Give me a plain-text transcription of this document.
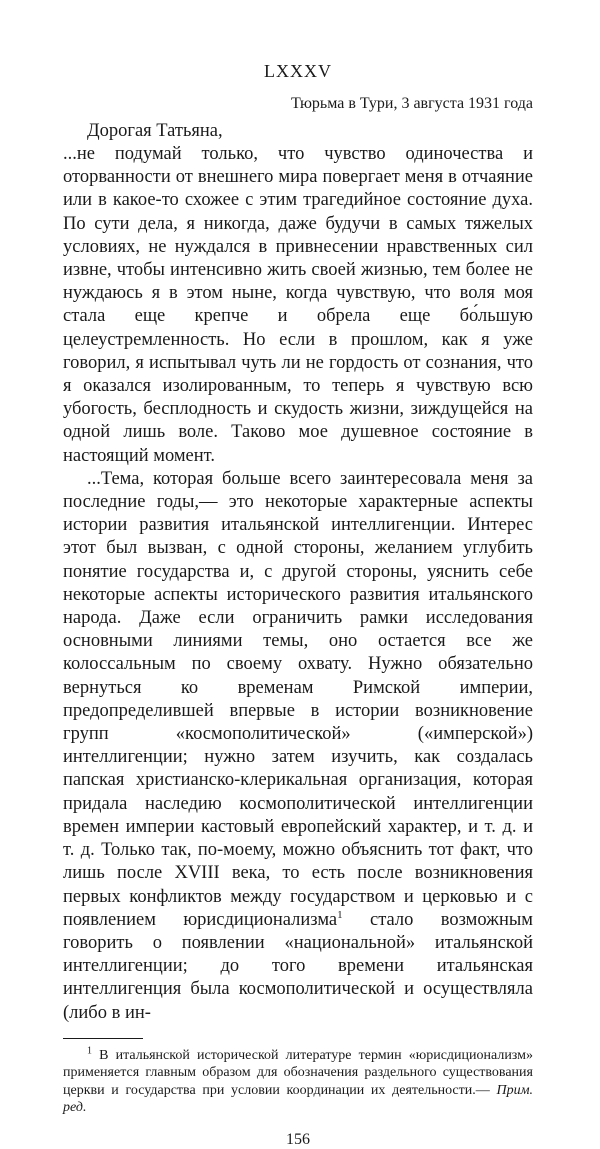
LXXXV
Тюрьма в Тури, 3 августа 1931 года

Дорогая Татьяна,

...не подумай только, что чувство одиночества и оторванности от внешнего мира повергает меня в отчаяние или в какое-то схожее с этим трагедийное состояние духа. По сути дела, я никогда, даже будучи в самых тяжелых условиях, не нуждался в привнесении нравственных сил извне, чтобы интенсивно жить своей жизнью, тем более не нуждаюсь я в этом ныне, когда чувствую, что воля моя стала еще крепче и обрела еще бо́льшую целеустремленность. Но если в прошлом, как я уже говорил, я испытывал чуть ли не гордость от сознания, что я оказался изолированным, то теперь я чувствую всю убогость, бесплодность и скудость жизни, зиждущейся на одной лишь воле. Таково мое душевное состояние в настоящий момент.

...Тема, которая больше всего заинтересовала меня за последние годы,— это некоторые характерные аспекты истории развития итальянской интеллигенции. Интерес этот был вызван, с одной стороны, желанием углубить понятие государства и, с другой стороны, уяснить себе некоторые аспекты исторического развития итальянского народа. Даже если ограничить рамки исследования основными линиями темы, оно остается все же колоссальным по своему охвату. Нужно обязательно вернуться ко временам Римской империи, предопределившей впервые в истории возникновение групп «космополитической» («имперской») интеллигенции; нужно затем изучить, как создалась папская христианско-клерикальная организация, которая придала наследию космополитической интеллигенции времен империи кастовый европейский характер, и т. д. и т. д. Только так, по-моему, можно объяснить тот факт, что лишь после XVIII века, то есть после возникновения первых конфликтов между государством и церковью и с появлением юрисдиционализма$^1$ стало возможным говорить о появлении «национальной» итальянской интеллигенции; до того времени итальянская интеллигенция была космополитической и осуществляла (либо в ин-

$^1$ В итальянской исторической литературе термин «юрисдиционализм» применяется главным образом для обозначения раздельного существования церкви и государства при условии координации их деятельности.— Прим. ред.

156
